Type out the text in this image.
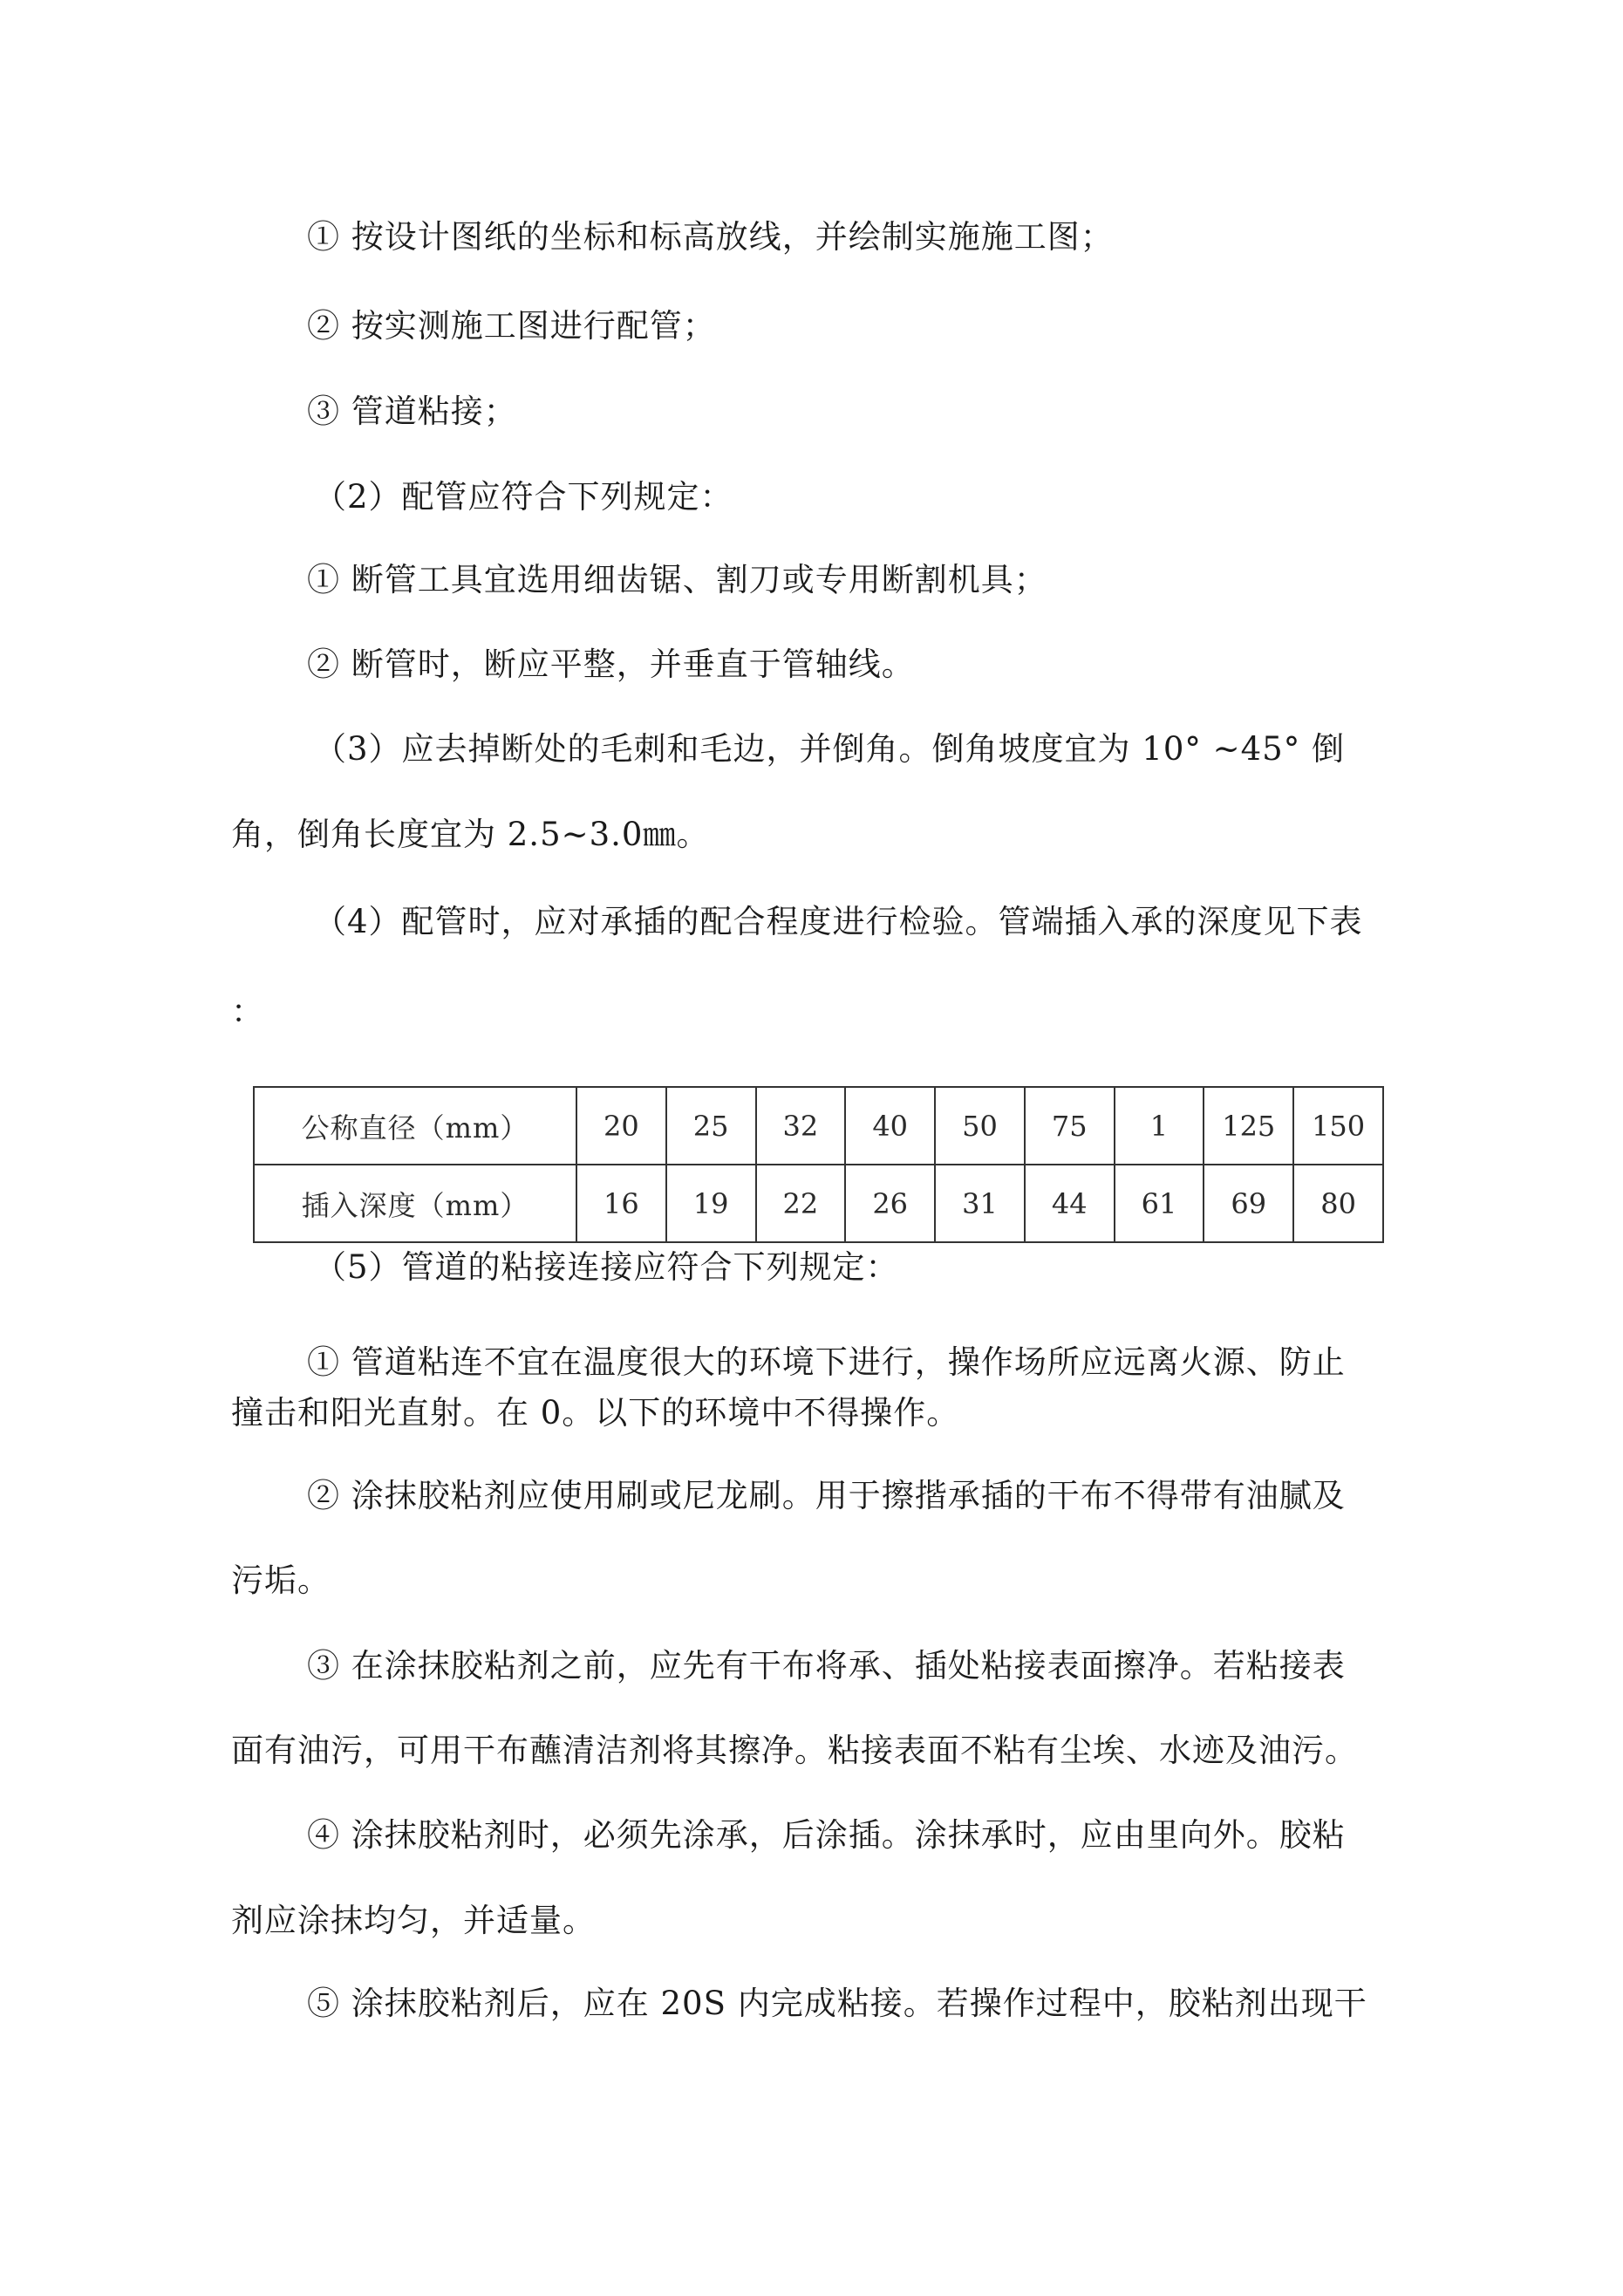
① 按设计图纸的坐标和标高放线，并绘制实施施工图；

② 按实测施工图进行配管；

③ 管道粘接；

（2）配管应符合下列规定：

① 断管工具宜选用细齿锯、割刀或专用断割机具；

② 断管时，断应平整，并垂直于管轴线。

（3）应去掉断处的毛刺和毛边，并倒角。倒角坡度宜为 10° ~45° 倒

角，倒角长度宜为 2.5~3.0㎜。

（4）配管时，应对承插的配合程度进行检验。管端插入承的深度见下表

：

公称直径（mm）	20	25	32	40	50	75	1	125	150
插入深度（mm）	16	19	22	26	31	44	61	69	80

（5）管道的粘接连接应符合下列规定：

① 管道粘连不宜在温度很大的环境下进行，操作场所应远离火源、防止

撞击和阳光直射。在 0。以下的环境中不得操作。

② 涂抹胶粘剂应使用刷或尼龙刷。用于擦揩承插的干布不得带有油腻及

污垢。

③ 在涂抹胶粘剂之前，应先有干布将承、插处粘接表面擦净。若粘接表

面有油污，可用干布蘸清洁剂将其擦净。粘接表面不粘有尘埃、水迹及油污。

④ 涂抹胶粘剂时，必须先涂承，后涂插。涂抹承时，应由里向外。胶粘

剂应涂抹均匀，并适量。

⑤ 涂抹胶粘剂后，应在 20S 内完成粘接。若操作过程中，胶粘剂出现干
